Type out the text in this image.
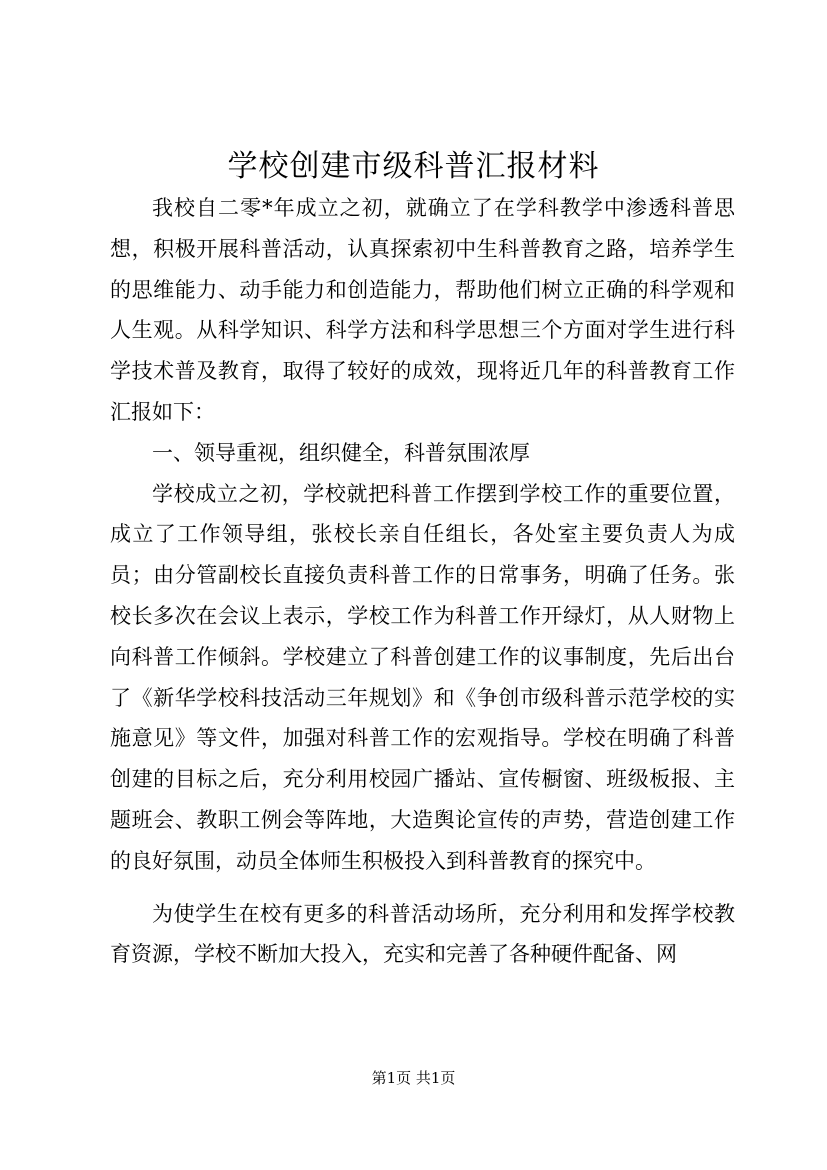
学校创建市级科普汇报材料

我校自二零*年成立之初，就确立了在学科教学中渗透科普思想，积极开展科普活动，认真探索初中生科普教育之路，培养学生的思维能力、动手能力和创造能力，帮助他们树立正确的科学观和人生观。从科学知识、科学方法和科学思想三个方面对学生进行科学技术普及教育，取得了较好的成效，现将近几年的科普教育工作汇报如下：

一、领导重视，组织健全，科普氛围浓厚

学校成立之初，学校就把科普工作摆到学校工作的重要位置，成立了工作领导组，张校长亲自任组长，各处室主要负责人为成员；由分管副校长直接负责科普工作的日常事务，明确了任务。张校长多次在会议上表示，学校工作为科普工作开绿灯，从人财物上向科普工作倾斜。学校建立了科普创建工作的议事制度，先后出台了《新华学校科技活动三年规划》和《争创市级科普示范学校的实施意见》等文件，加强对科普工作的宏观指导。学校在明确了科普创建的目标之后，充分利用校园广播站、宣传橱窗、班级板报、主题班会、教职工例会等阵地，大造舆论宣传的声势，营造创建工作的良好氛围，动员全体师生积极投入到科普教育的探究中。

为使学生在校有更多的科普活动场所，充分利用和发挥学校教育资源，学校不断加大投入，充实和完善了各种硬件配备、网

第1页 共1页
